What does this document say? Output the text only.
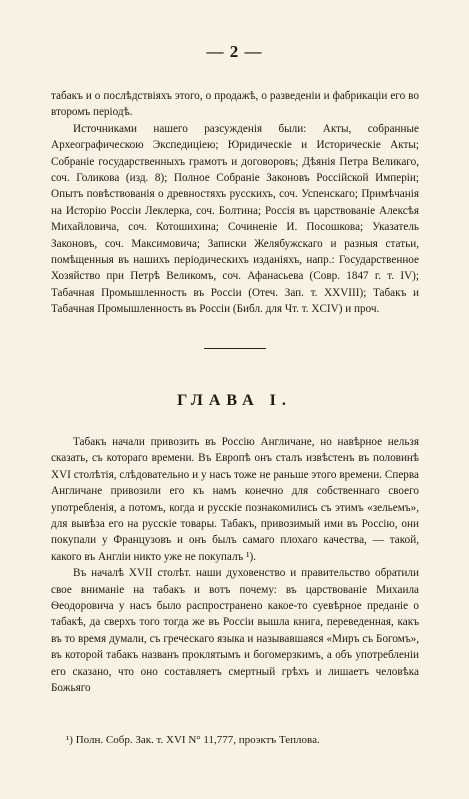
— 2 —

табакъ и о послѣдствіяхъ этого, о продажѣ, о разведеніи и фабрикаціи его во второмъ періодѣ.

Источниками нашего разсужденія были: Акты, собранные Археографическою Экспедиціею; Юридическіе и Историческіе Акты; Собраніе государственныхъ грамотъ и договоровъ; Дѣянія Петра Великаго, соч. Голикова (изд. 8); Полное Собраніе Законовъ Россійской Имперіи; Опытъ повѣствованія о древностяхъ русскихъ, соч. Успенскаго; Примѣчанія на Исторію Россіи Леклерка, соч. Болтина; Россія въ царствованіе Алексѣя Михайловича, соч. Котошихина; Сочиненіе И. Посошкова; Указатель Законовъ, соч. Максимовича; Записки Желябужскаго и разныя статьи, помѣщенныя въ нашихъ періодическихъ изданіяхъ, напр.: Государственное Хозяйство при Петрѣ Великомъ, соч. Афанасьева (Совр. 1847 г. т. IV); Табачная Промышленность въ Россіи (Отеч. Зап. т. XXVIII); Табакъ и Табачная Промышленность въ Россіи (Библ. для Чт. т. XCIV) и проч.

ГЛАВА I.

Табакъ начали привозить въ Россію Англичане, но навѣрное нельзя сказать, съ котораго времени. Въ Европѣ онъ сталъ извѣстенъ въ половинѣ XVI столѣтія, слѣдовательно и у насъ тоже не раньше этого времени. Сперва Англичане привозили его къ намъ конечно для собственнаго своего употребленія, а потомъ, когда и русскіе познакомились съ этимъ «зельемъ», для вывѣза его на русскіе товары. Табакъ, привозимый ими въ Россію, они покупали у Французовъ и онъ былъ самаго плохаго качества, — такой, какого въ Англіи никто уже не покупалъ ¹).

Въ началѣ XVII столѣт. наши духовенство и правительство обратили свое вниманіе на табакъ и вотъ почему: въ царствованіе Михаила Ѳеодоровича у насъ было распространено какое-то суевѣрное преданіе о табакѣ, да сверхъ того тогда же въ Россіи вышла книга, переведенная, какъ въ то время думали, съ греческаго языка и называвшаяся «Миръ съ Богомъ», въ которой табакъ названъ проклятымъ и богомерзкимъ, а объ употребленіи его сказано, что оно составляетъ смертный грѣхъ и лишаетъ человѣка Божьяго

¹) Полн. Собр. Зак. т. XVI N° 11,777, проэктъ Теплова.
